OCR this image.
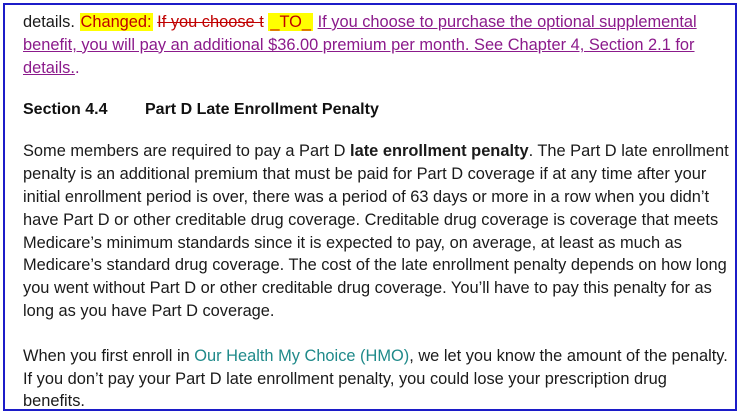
details. Changed: If you choose t _TO_ If you choose to purchase the optional supplemental benefit, you will pay an additional $36.00 premium per month. See Chapter 4, Section 2.1 for details..

Section 4.4	Part D Late Enrollment Penalty

Some members are required to pay a Part D late enrollment penalty. The Part D late enrollment penalty is an additional premium that must be paid for Part D coverage if at any time after your initial enrollment period is over, there was a period of 63 days or more in a row when you didn’t have Part D or other creditable drug coverage. Creditable drug coverage is coverage that meets Medicare’s minimum standards since it is expected to pay, on average, at least as much as Medicare’s standard drug coverage. The cost of the late enrollment penalty depends on how long you went without Part D or other creditable drug coverage. You’ll have to pay this penalty for as long as you have Part D coverage.

When you first enroll in Our Health My Choice (HMO), we let you know the amount of the penalty. If you don’t pay your Part D late enrollment penalty, you could lose your prescription drug benefits.
